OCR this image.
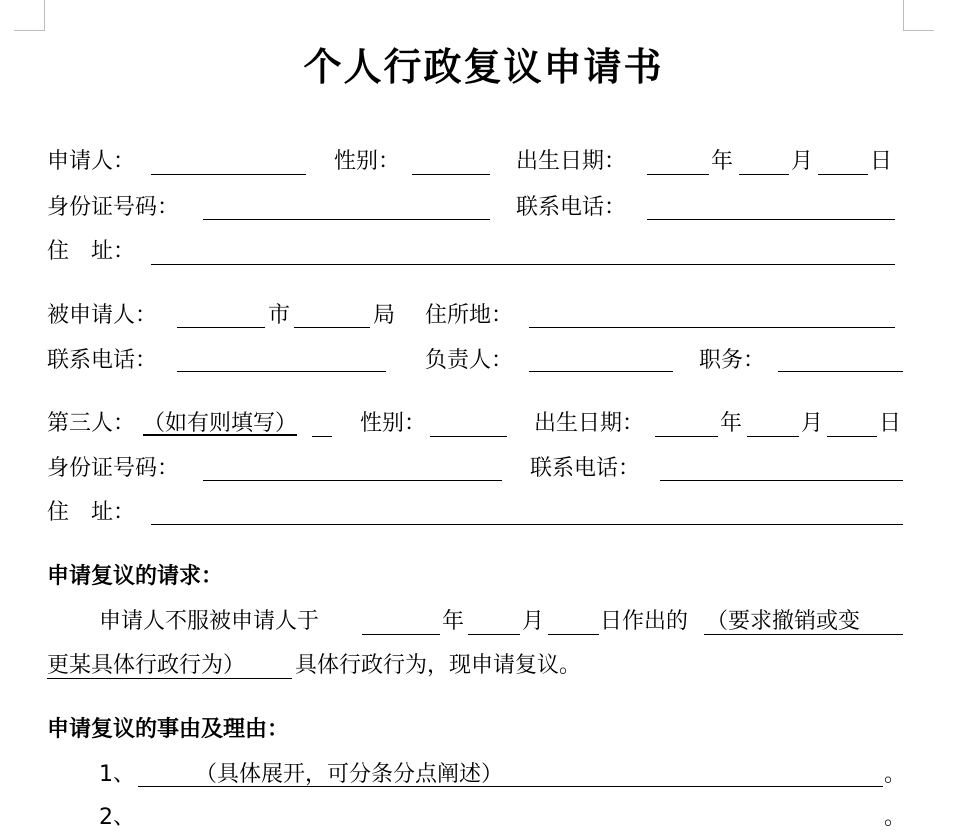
个人行政复议申请书
申请人：	性别：	出生日期：	年	月	日
身份证号码：	联系电话：
住　址：
被申请人：	市	局 住所地：
联系电话：	负责人：	职务：
第三人： （如有则填写）	性别：	出生日期：	年	月	日
身份证号码：	联系电话：
住　址：
申请复议的请求：
申请人不服被申请人于	年	月	日作出的 （要求撤销或变
更某具体行政行为） 具体行政行为，现申请复议。
申请复议的事由及理由：
1、	（具体展开，可分条分点阐述）	。
2、	。
